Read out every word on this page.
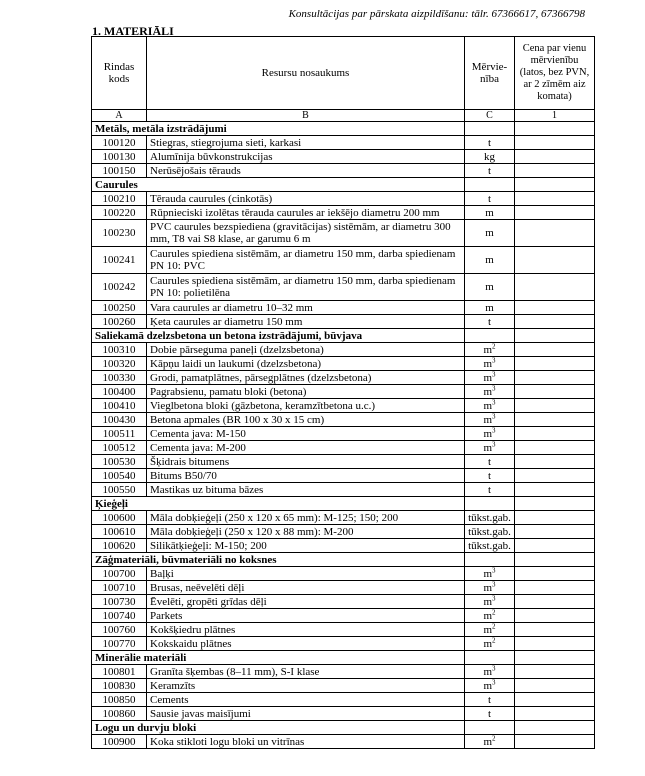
Konsultācijas par pārskata aizpildīšanu: tālr. 67366617, 67366798
1. MATERIĀLI
Rindas kods	Resursu nosaukums	Mērvie-nība	Cena par vienu mērvienību (latos, bez PVN, ar 2 zīmēm aiz komata)
A	B	C	1
Metāls, metāla izstrādājumi			
100120	Stiegras, stiegrojuma sieti, karkasi	t	
100130	Alumīnija būvkonstrukcijas	kg	
100150	Nerūsējošais tērauds	t	
Caurules			
100210	Tērauda caurules (cinkotās)	t	
100220	Rūpnieciski izolētas tērauda caurules ar iekšējo diametru 200 mm	m	
100230	PVC caurules bezspiediena (gravitācijas) sistēmām, ar diametru 300 mm, T8 vai S8 klase, ar garumu 6 m	m	
100241	Caurules spiediena sistēmām, ar diametru 150 mm, darba spiedienam PN 10: PVC	m	
100242	Caurules spiediena sistēmām, ar diametru 150 mm, darba spiedienam PN 10: polietilēna	m	
100250	Vara caurules ar diametru 10–32 mm	m	
100260	Ķeta caurules ar diametru 150 mm	t	
Saliekamā dzelzsbetona un betona izstrādājumi, būvjava			
100310	Dobie pārseguma paneļi (dzelzsbetona)	$m^2$	
100320	Kāpņu laidi un laukumi (dzelzsbetona)	$m^3$	
100330	Grodi, pamatplātnes, pārsegplātnes (dzelzsbetona)	$m^3$	
100400	Pagrabsienu, pamatu bloki (betona)	$m^3$	
100410	Vieglbetona bloki (gāzbetona, keramzītbetona u.c.)	$m^3$	
100430	Betona apmales (BR 100 x 30 x 15 cm)	$m^3$	
100511	Cementa java: M-150	$m^3$	
100512	Cementa java: M-200	$m^3$	
100530	Šķidrais bitumens	t	
100540	Bitums B50/70	t	
100550	Mastikas uz bituma bāzes	t	
Ķieģeļi			
100600	Māla dobķieģeļi (250 x 120 x 65 mm): M-125; 150; 200	tūkst.gab.	
100610	Māla dobķieģeļi (250 x 120 x 88 mm): M-200	tūkst.gab.	
100620	Silikātķieģeļi: M-150; 200	tūkst.gab.	
Zāģmateriāli, būvmateriāli no koksnes			
100700	Baļķi	$m^3$	
100710	Brusas, neēvelēti dēļi	$m^3$	
100730	Ēvelēti, gropēti grīdas dēļi	$m^3$	
100740	Parkets	$m^2$	
100760	Kokšķiedru plātnes	$m^2$	
100770	Kokskaidu plātnes	$m^2$	
Minerālie materiāli			
100801	Granīta šķembas (8–11 mm), S-I klase	$m^3$	
100830	Keramzīts	$m^3$	
100850	Cements	t	
100860	Sausie javas maisījumi	t	
Logu un durvju bloki			
100900	Koka stikloti logu bloki un vitrīnas	$m^2$	
